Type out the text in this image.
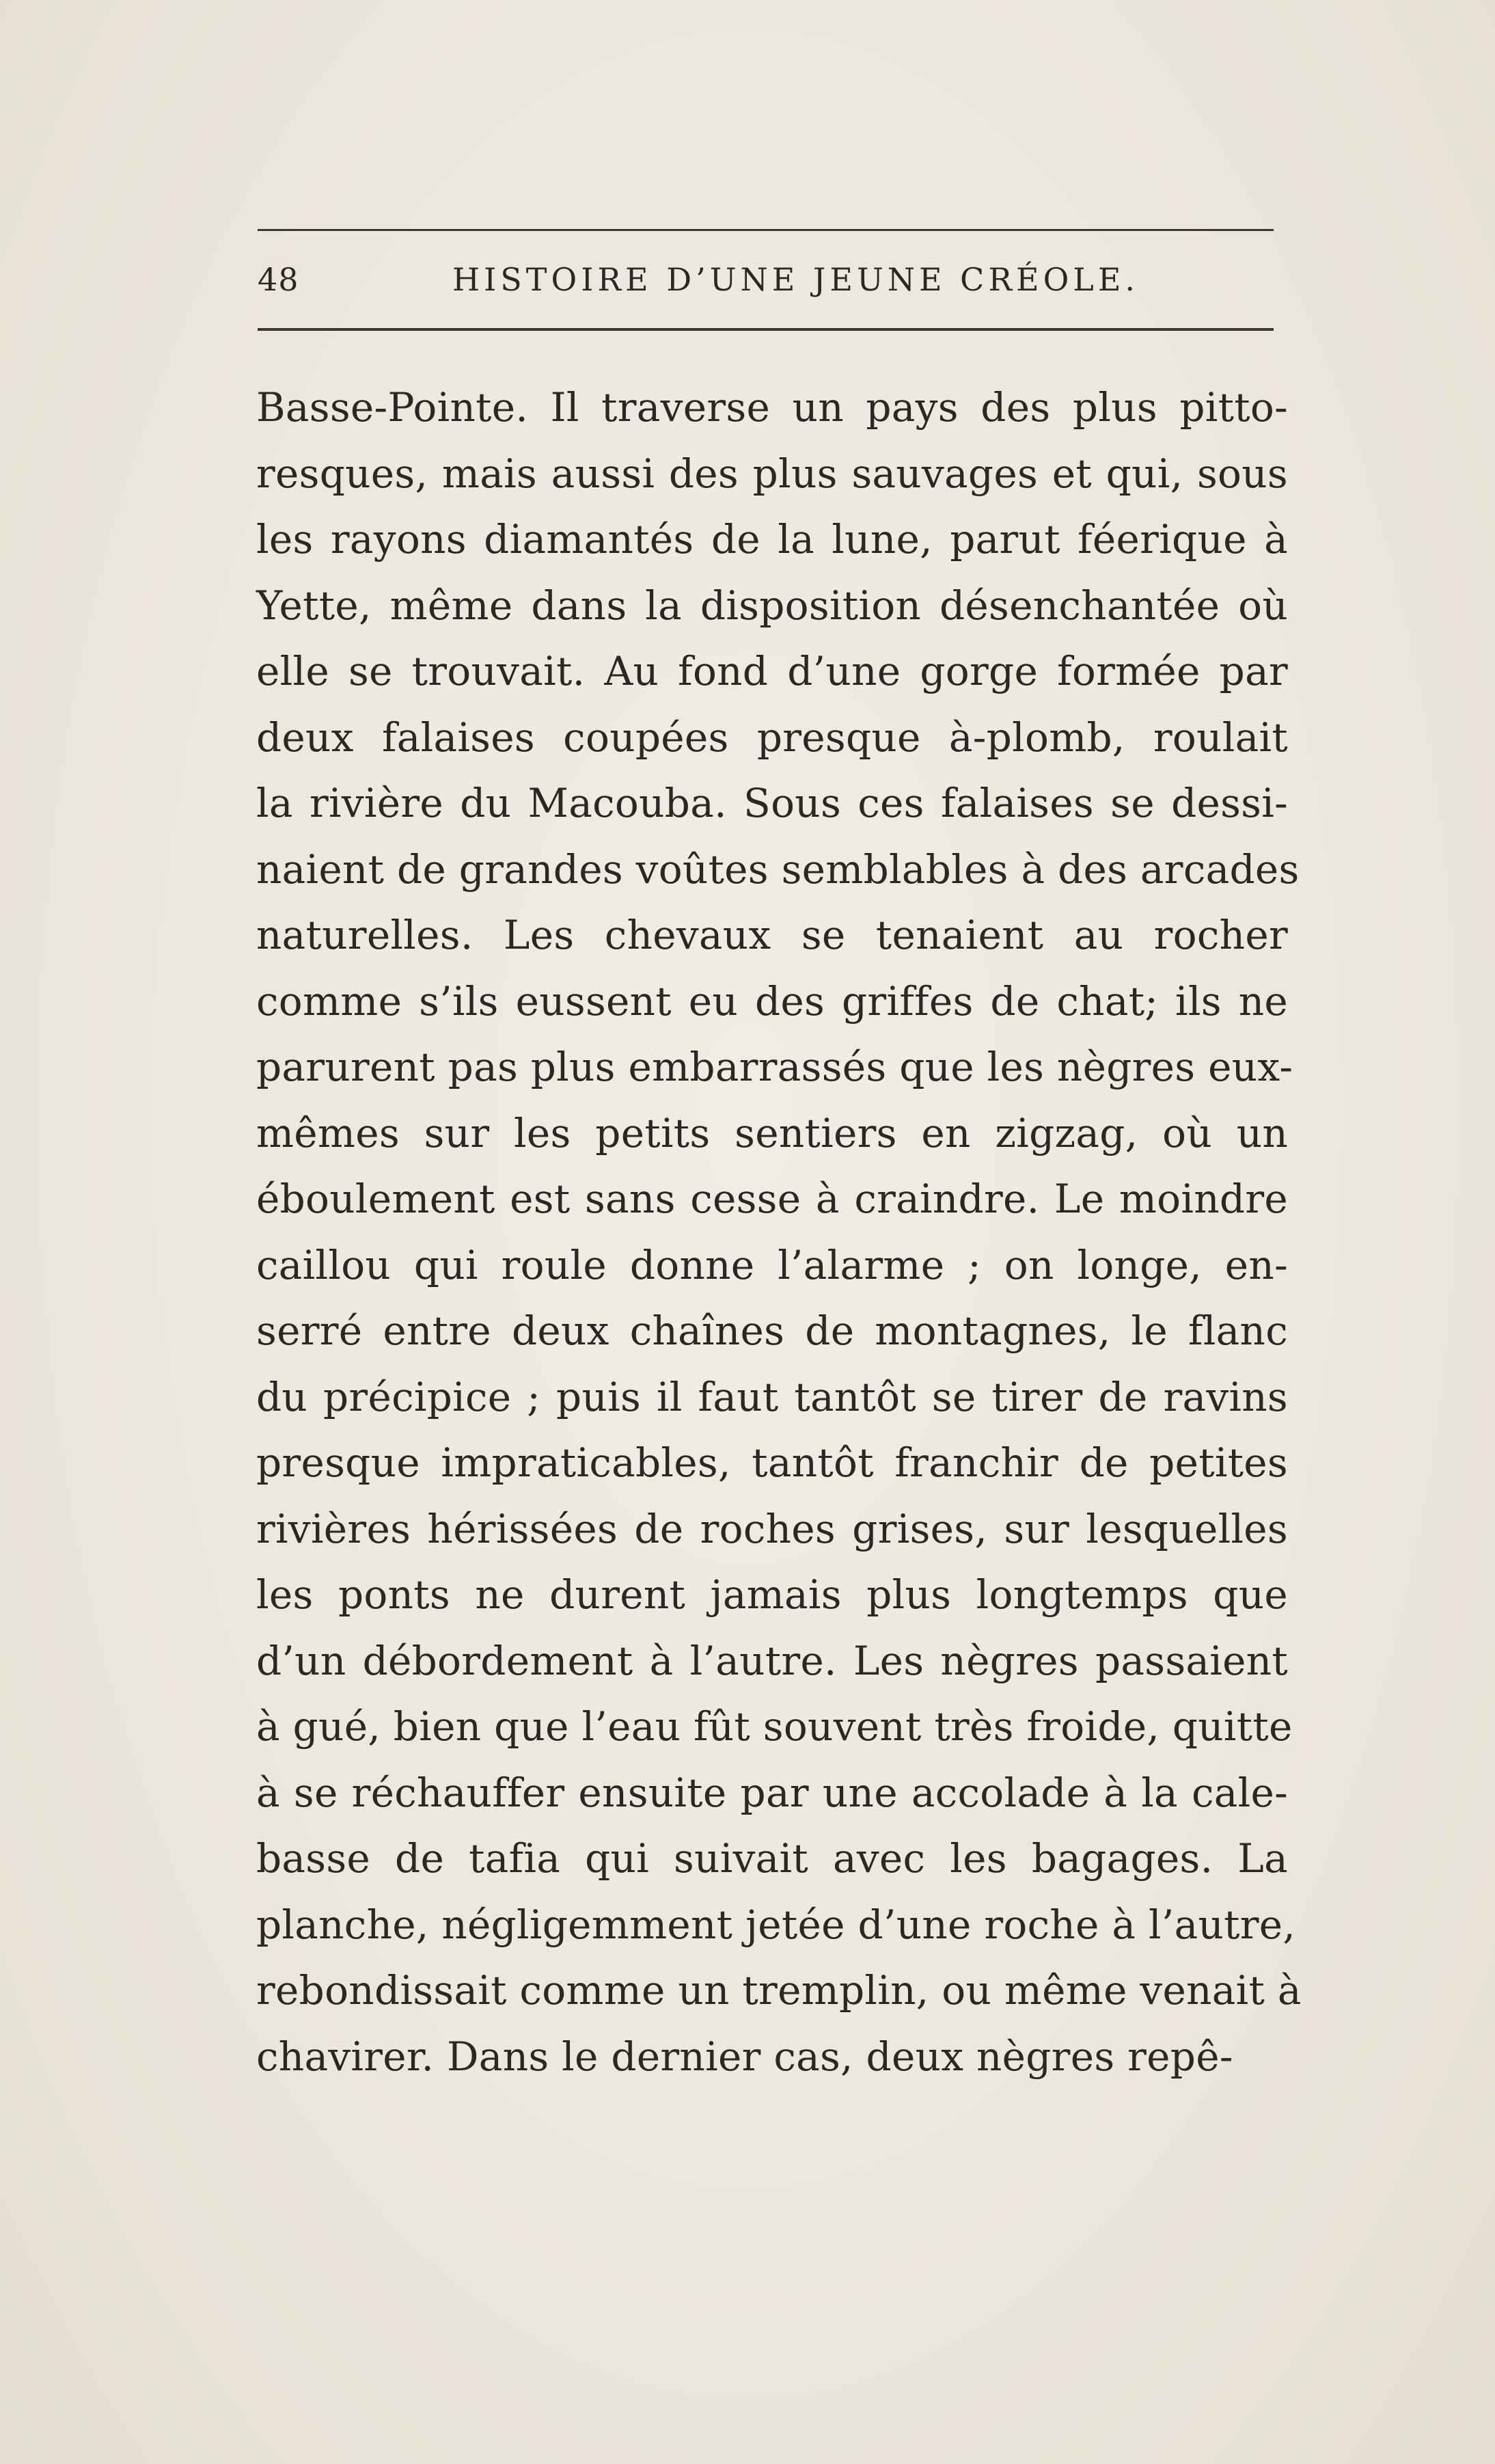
48	HISTOIRE D’UNE JEUNE CRÉOLE.
Basse-Pointe. Il traverse un pays des plus pitto-
resques, mais aussi des plus sauvages et qui, sous
les rayons diamantés de la lune, parut féerique à
Yette, même dans la disposition désenchantée où
elle se trouvait. Au fond d’une gorge formée par
deux falaises coupées presque à-plomb, roulait
la rivière du Macouba. Sous ces falaises se dessi-
naient de grandes voûtes semblables à des arcades
naturelles. Les chevaux se tenaient au rocher
comme s’ils eussent eu des griffes de chat; ils ne
parurent pas plus embarrassés que les nègres eux-
mêmes sur les petits sentiers en zigzag, où un
éboulement est sans cesse à craindre. Le moindre
caillou qui roule donne l’alarme ; on longe, en-
serré entre deux chaînes de montagnes, le flanc
du précipice ; puis il faut tantôt se tirer de ravins
presque impraticables, tantôt franchir de petites
rivières hérissées de roches grises, sur lesquelles
les ponts ne durent jamais plus longtemps que
d’un débordement à l’autre. Les nègres passaient
à gué, bien que l’eau fût souvent très froide, quitte
à se réchauffer ensuite par une accolade à la cale-
basse de tafia qui suivait avec les bagages. La
planche, négligemment jetée d’une roche à l’autre,
rebondissait comme un tremplin, ou même venait à
chavirer. Dans le dernier cas, deux nègres repê-
